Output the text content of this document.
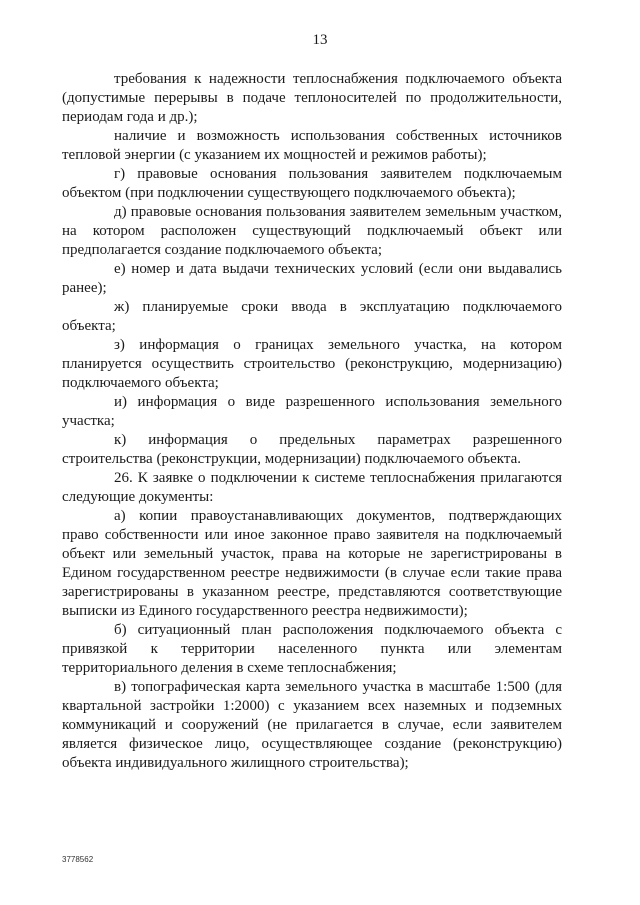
13

требования к надежности теплоснабжения подключаемого объекта (допустимые перерывы в подаче теплоносителей по продолжительности, периодам года и др.);

наличие и возможность использования собственных источников тепловой энергии (с указанием их мощностей и режимов работы);

г) правовые основания пользования заявителем подключаемым объектом (при подключении существующего подключаемого объекта);

д) правовые основания пользования заявителем земельным участком, на котором расположен существующий подключаемый объект или предполагается создание подключаемого объекта;

е) номер и дата выдачи технических условий (если они выдавались ранее);

ж) планируемые сроки ввода в эксплуатацию подключаемого объекта;

з) информация о границах земельного участка, на котором планируется осуществить строительство (реконструкцию, модернизацию) подключаемого объекта;

и) информация о виде разрешенного использования земельного участка;

к) информация о предельных параметрах разрешенного строительства (реконструкции, модернизации) подключаемого объекта.

26. К заявке о подключении к системе теплоснабжения прилагаются следующие документы:

а) копии правоустанавливающих документов, подтверждающих право собственности или иное законное право заявителя на подключаемый объект или земельный участок, права на которые не зарегистрированы в Едином государственном реестре недвижимости (в случае если такие права зарегистрированы в указанном реестре, представляются соответствующие выписки из Единого государственного реестра недвижимости);

б) ситуационный план расположения подключаемого объекта с привязкой к территории населенного пункта или элементам территориального деления в схеме теплоснабжения;

в) топографическая карта земельного участка в масштабе 1:500 (для квартальной застройки 1:2000) с указанием всех наземных и подземных коммуникаций и сооружений (не прилагается в случае, если заявителем является физическое лицо, осуществляющее создание (реконструкцию) объекта индивидуального жилищного строительства);

3778562
